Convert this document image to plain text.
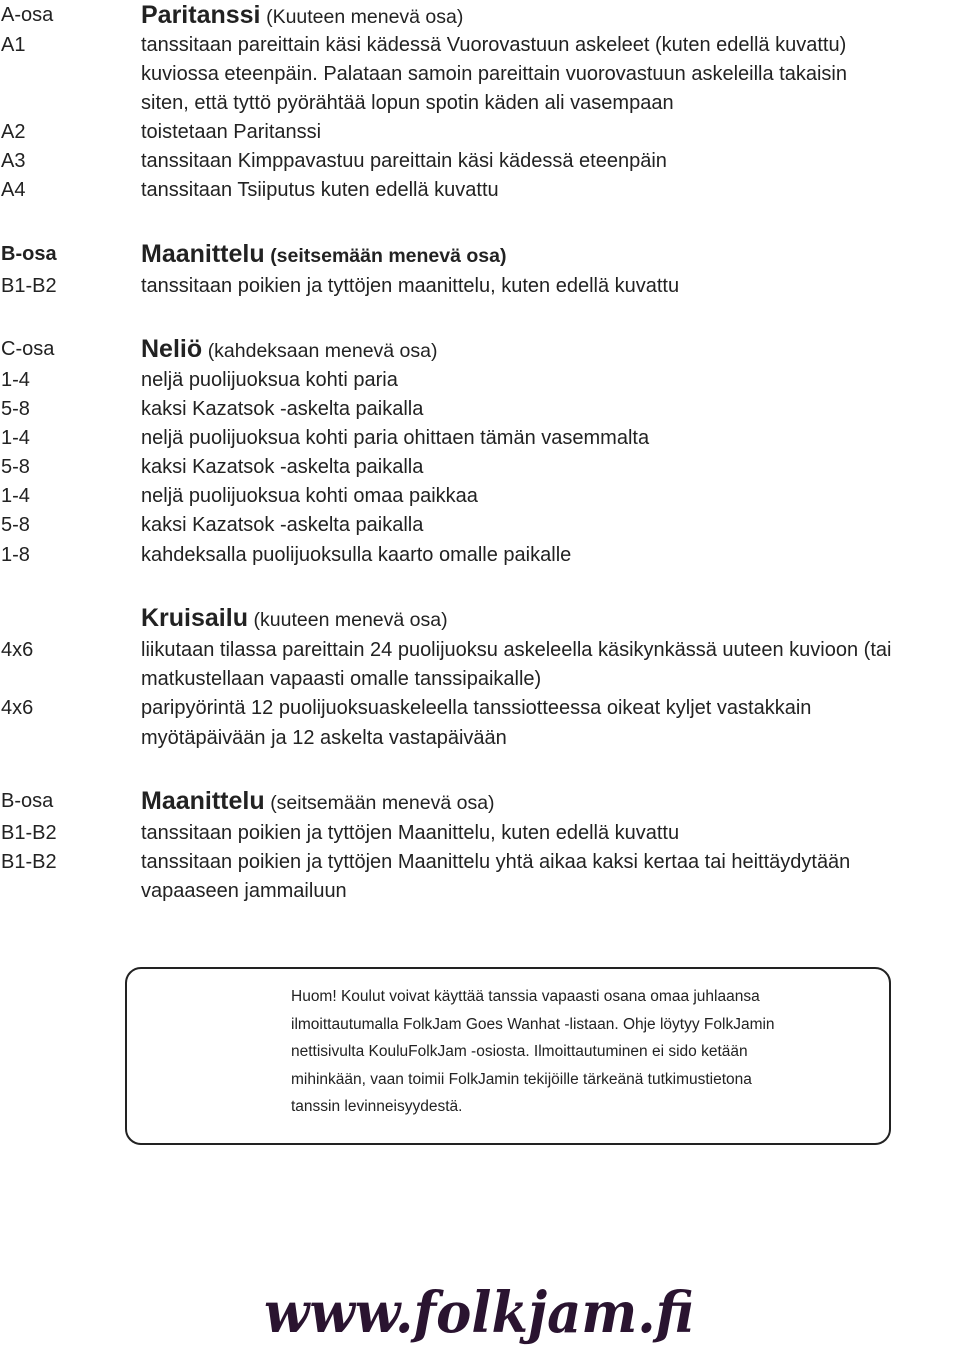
A-osa	Paritanssi (Kuuteen menevä osa)
A1	tanssitaan pareittain käsi kädessä Vuorovastuun askeleet (kuten edellä kuvattu)
kuviossa eteenpäin. Palataan samoin pareittain vuorovastuun askeleilla takaisin
siten, että tyttö pyörähtää lopun spotin käden ali vasempaan
A2	toistetaan Paritanssi
A3	tanssitaan Kimppavastuu pareittain käsi kädessä eteenpäin
A4	tanssitaan Tsiiputus kuten edellä kuvattu
B-osa	Maanittelu (seitsemään menevä osa)
B1-B2	tanssitaan poikien ja tyttöjen maanittelu, kuten edellä kuvattu
C-osa	Neliö (kahdeksaan menevä osa)
1-4	neljä puolijuoksua kohti paria
5-8	kaksi Kazatsok -askelta paikalla
1-4	neljä puolijuoksua kohti paria ohittaen tämän vasemmalta
5-8	kaksi Kazatsok -askelta paikalla
1-4	neljä puolijuoksua kohti omaa paikkaa
5-8	kaksi Kazatsok -askelta paikalla
1-8	kahdeksalla puolijuoksulla kaarto omalle paikalle
Kruisailu (kuuteen menevä osa)
4x6	liikutaan tilassa pareittain 24 puolijuoksu askeleella käsikynkässä uuteen kuvioon (tai
matkustellaan vapaasti omalle tanssipaikalle)
4x6	paripyörintä 12 puolijuoksuaskeleella tanssiotteessa oikeat kyljet vastakkain
myötäpäivään ja 12 askelta vastapäivään
B-osa	Maanittelu (seitsemään menevä osa)
B1-B2	tanssitaan poikien ja tyttöjen Maanittelu, kuten edellä kuvattu
B1-B2	tanssitaan poikien ja tyttöjen Maanittelu yhtä aikaa kaksi kertaa tai heittäydytään
vapaaseen jammailuun
Huom! Koulut voivat käyttää tanssia vapaasti osana omaa juhlaansa
ilmoittautumalla FolkJam Goes Wanhat -listaan. Ohje löytyy FolkJamin
nettisivulta KouluFolkJam -osiosta. Ilmoittautuminen ei sido ketään
mihinkään, vaan toimii FolkJamin tekijöille tärkeänä tutkimustietona
tanssin levinneisyydestä.
www.folkjam.fi
